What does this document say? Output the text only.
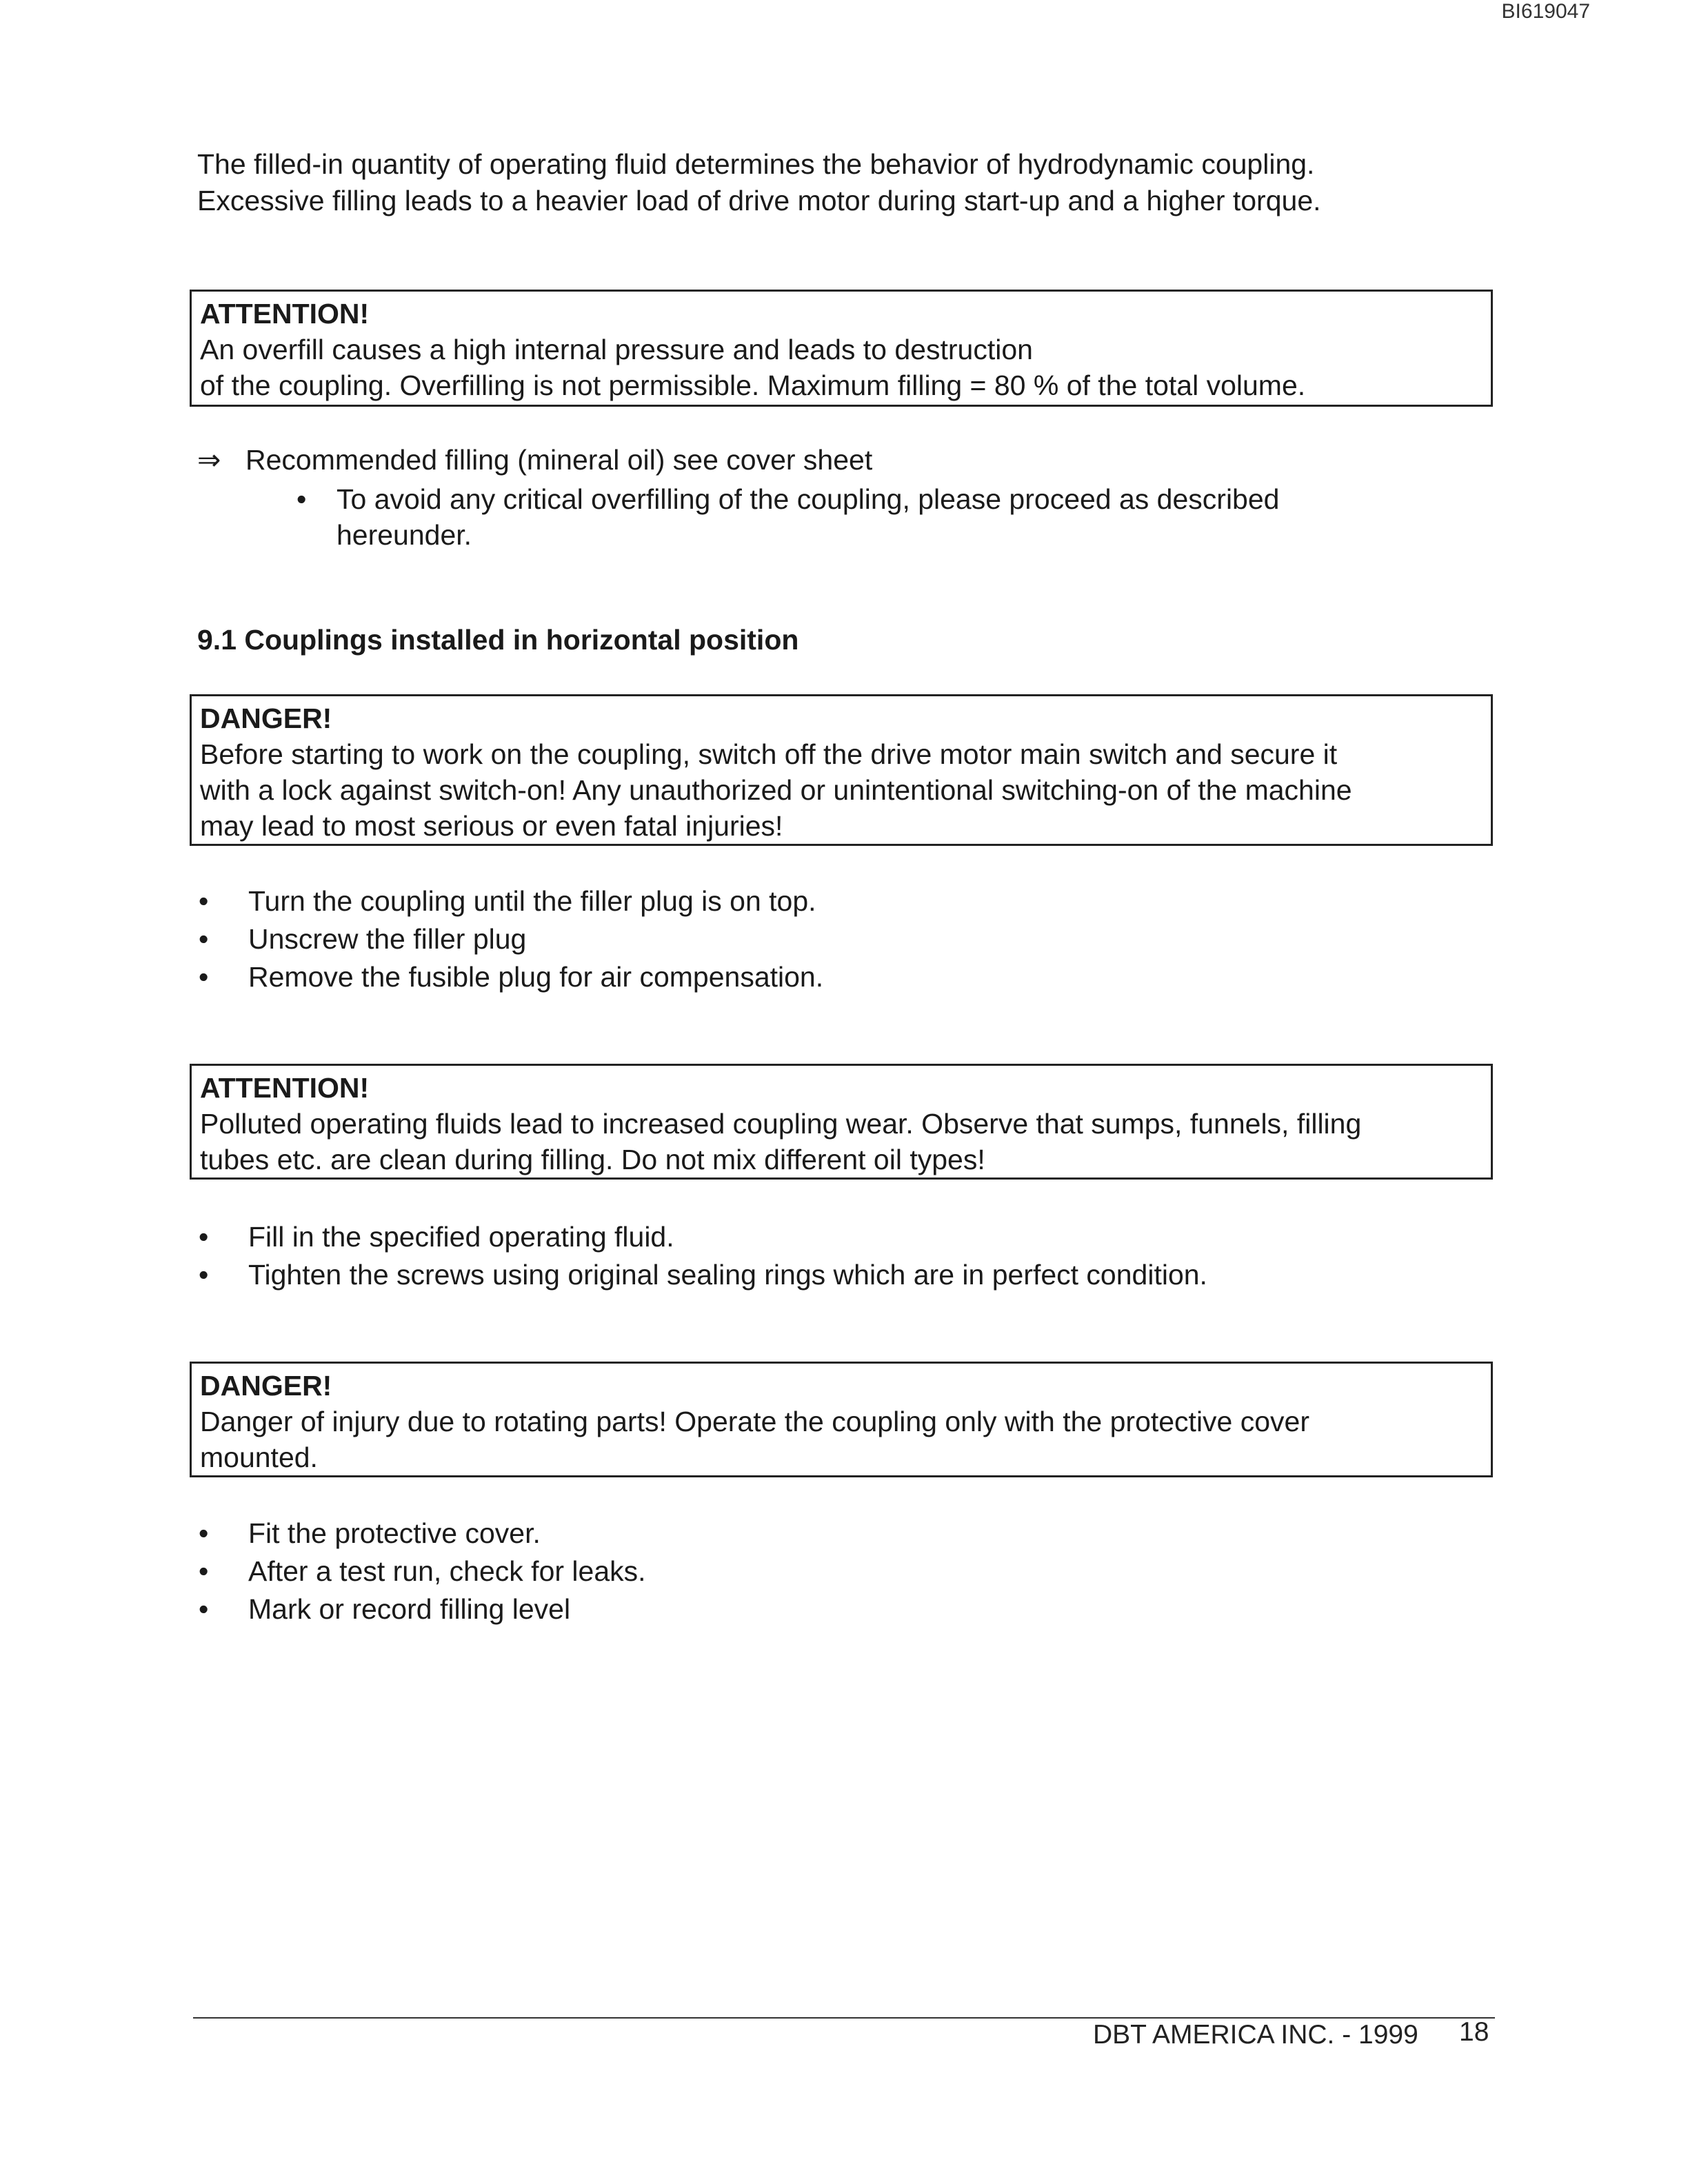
BI619047
The filled-in quantity of operating fluid determines the behavior of hydrodynamic coupling.
Excessive filling leads to a heavier load of drive motor during start-up and a higher torque.
ATTENTION!
An overfill causes a high internal pressure and leads to destruction
of the coupling. Overfilling is not permissible. Maximum filling = 80 % of the total volume.
⇒ Recommended filling (mineral oil) see cover sheet
•	To avoid any critical overfilling of the coupling, please proceed as described hereunder.
9.1 Couplings installed in horizontal position
DANGER!
Before starting to work on the coupling, switch off the drive motor main switch and secure it
with a lock against switch-on! Any unauthorized or unintentional switching-on of the machine
may lead to most serious or even fatal injuries!
• Turn the coupling until the filler plug is on top.
• Unscrew the filler plug
• Remove the fusible plug for air compensation.
ATTENTION!
Polluted operating fluids lead to increased coupling wear. Observe that sumps, funnels, filling
tubes etc. are clean during filling. Do not mix different oil types!
• Fill in the specified operating fluid.
• Tighten the screws using original sealing rings which are in perfect condition.
DANGER!
Danger of injury due to rotating parts! Operate the coupling only with the protective cover
mounted.
• Fit the protective cover.
• After a test run, check for leaks.
• Mark or record filling level
DBT AMERICA INC. - 1999 18
